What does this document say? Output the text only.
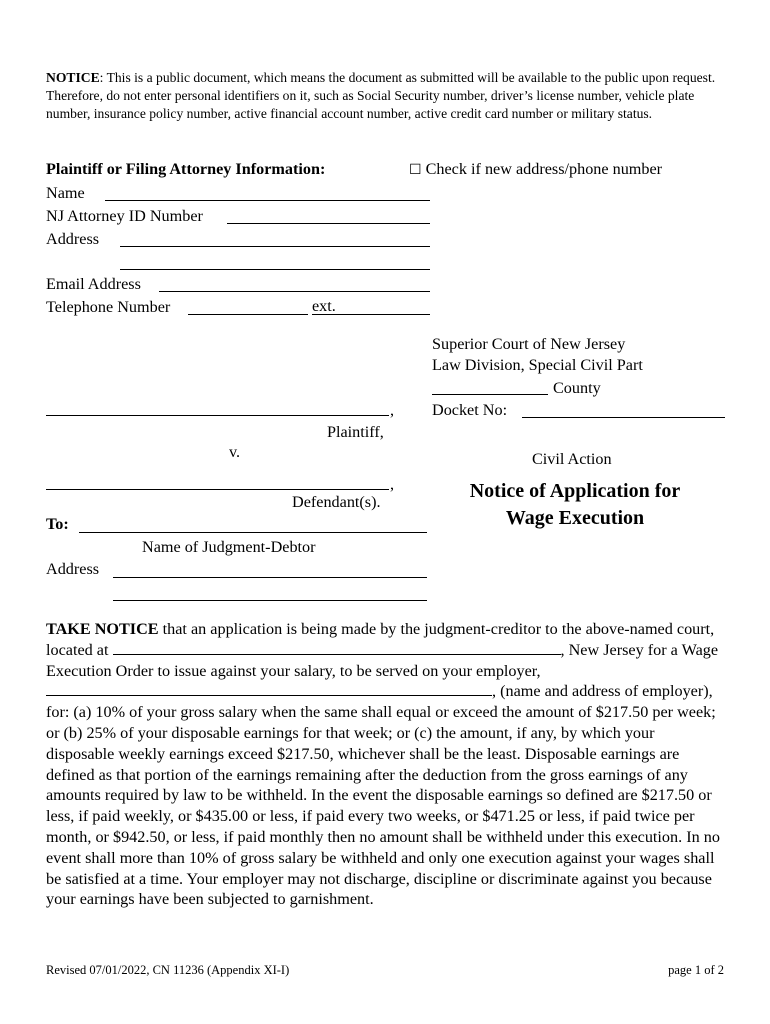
NOTICE: This is a public document, which means the document as submitted will be available to the public upon request. Therefore, do not enter personal identifiers on it, such as Social Security number, driver’s license number, vehicle plate number, insurance policy number, active financial account number, active credit card number or military status.
Plaintiff or Filing Attorney Information:	☐ Check if new address/phone number
Name
NJ Attorney ID Number
Address
Email Address
Telephone Number	ext.
Superior Court of New Jersey
Law Division, Special Civil Part
County
Docket No:
,
Plaintiff,
v.
,
Defendant(s).
Civil Action
Notice of Application for
Wage Execution
To:
Name of Judgment-Debtor
Address
TAKE NOTICE that an application is being made by the judgment-creditor to the above-named court, located at	, New Jersey for a Wage Execution Order to issue against your salary, to be served on your employer, , (name and address of employer), for: (a) 10% of your gross salary when the same shall equal or exceed the amount of $217.50 per week; or (b) 25% of your disposable earnings for that week; or (c) the amount, if any, by which your disposable weekly earnings exceed $217.50, whichever shall be the least. Disposable earnings are defined as that portion of the earnings remaining after the deduction from the gross earnings of any amounts required by law to be withheld. In the event the disposable earnings so defined are $217.50 or less, if paid weekly, or $435.00 or less, if paid every two weeks, or $471.25 or less, if paid twice per month, or $942.50, or less, if paid monthly then no amount shall be withheld under this execution. In no event shall more than 10% of gross salary be withheld and only one execution against your wages shall be satisfied at a time. Your employer may not discharge, discipline or discriminate against you because your earnings have been subjected to garnishment.
Revised 07/01/2022, CN 11236 (Appendix XI-I)	page 1 of 2
